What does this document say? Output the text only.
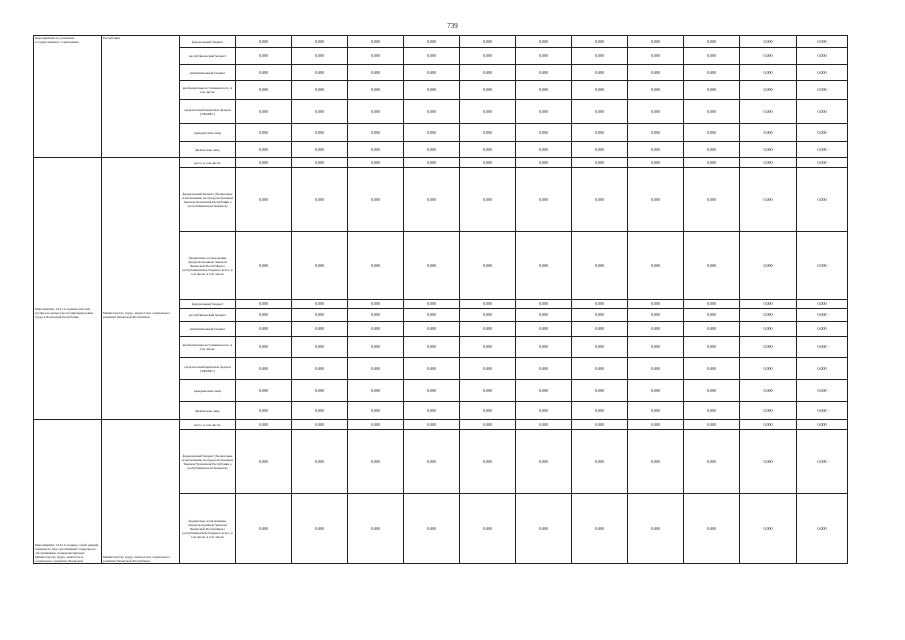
739
мероприятиях по развитию государственного учреждения	Республики	федеральный бюджет	0,000	0,000	0,000	0,000	0,000	0,000	0,000	0,000	0,000	0,000	0,000
		республиканский бюджет	0,000	0,000	0,000	0,000	0,000	0,000	0,000	0,000	0,000	0,000	0,000
		муниципальный бюджет	0,000	0,000	0,000	0,000	0,000	0,000	0,000	0,000	0,000	0,000	0,000
		внебюджетные источники всего, в том числе:	0,000	0,000	0,000	0,000	0,000	0,000	0,000	0,000	0,000	0,000	0,000
		средства внебюджетных фондов (ТФОМС)	0,000	0,000	0,000	0,000	0,000	0,000	0,000	0,000	0,000	0,000	0,000
		юридические лица	0,000	0,000	0,000	0,000	0,000	0,000	0,000	0,000	0,000	0,000	0,000
		физические лица	0,000	0,000	0,000	0,000	0,000	0,000	0,000	0,000	0,000	0,000	0,000
Мероприятие 14.21 Создание рабочей группы по вопросам организации рынка труда в Чеченской Республике	Министерство труда, занятости и социального развития Чеченской Республики	всего, в том числе:	0,000	0,000	0,000	0,000	0,000	0,000	0,000	0,000	0,000	0,000	0,000
		федеральный бюджет (бюджетные ассигнования, не предусмотренные Законом Чеченской Республики о республиканском бюджете)	0,000	0,000	0,000	0,000	0,000	0,000	0,000	0,000	0,000	0,000	0,000
		бюджетные ассигнования предусмотренные Законом Чеченской Республики о республиканском бюджете всего, в том числе, в том числе:	0,000	0,000	0,000	0,000	0,000	0,000	0,000	0,000	0,000	0,000	0,000
		федеральный бюджет	0,000	0,000	0,000	0,000	0,000	0,000	0,000	0,000	0,000	0,000	0,000
		республиканский бюджет	0,000	0,000	0,000	0,000	0,000	0,000	0,000	0,000	0,000	0,000	0,000
		муниципальный бюджет	0,000	0,000	0,000	0,000	0,000	0,000	0,000	0,000	0,000	0,000	0,000
		внебюджетные источники всего, в том числе:	0,000	0,000	0,000	0,000	0,000	0,000	0,000	0,000	0,000	0,000	0,000
		средства внебюджетных фондов (ТФОМС)	0,000	0,000	0,000	0,000	0,000	0,000	0,000	0,000	0,000	0,000	0,000
		юридические лица	0,000	0,000	0,000	0,000	0,000	0,000	0,000	0,000	0,000	0,000	0,000
		физические лица	0,000	0,000	0,000	0,000	0,000	0,000	0,000	0,000	0,000	0,000	0,000
Мероприятие 14.22 Создание служб ранней помощи на базе организаций социального обслуживания, подведомственных Министерству труда, занятости и социального развития Чеченской	Министерство труда, занятости и социального развития Чеченской Республики	всего, в том числе:	0,000	0,000	0,000	0,000	0,000	0,000	0,000	0,000	0,000	0,000	0,000
		федеральный бюджет (бюджетные ассигнования, не предусмотренные Законом Чеченской Республики о республиканском бюджете)	0,000	0,000	0,000	0,000	0,000	0,000	0,000	0,000	0,000	0,000	0,000
		бюджетные ассигнования, предусмотренные Законом Чеченской Республики о республиканском бюджете всего, в том числе, в том числе:	0,000	0,000	0,000	0,000	0,000	0,000	0,000	0,000	0,000	0,000	0,000
